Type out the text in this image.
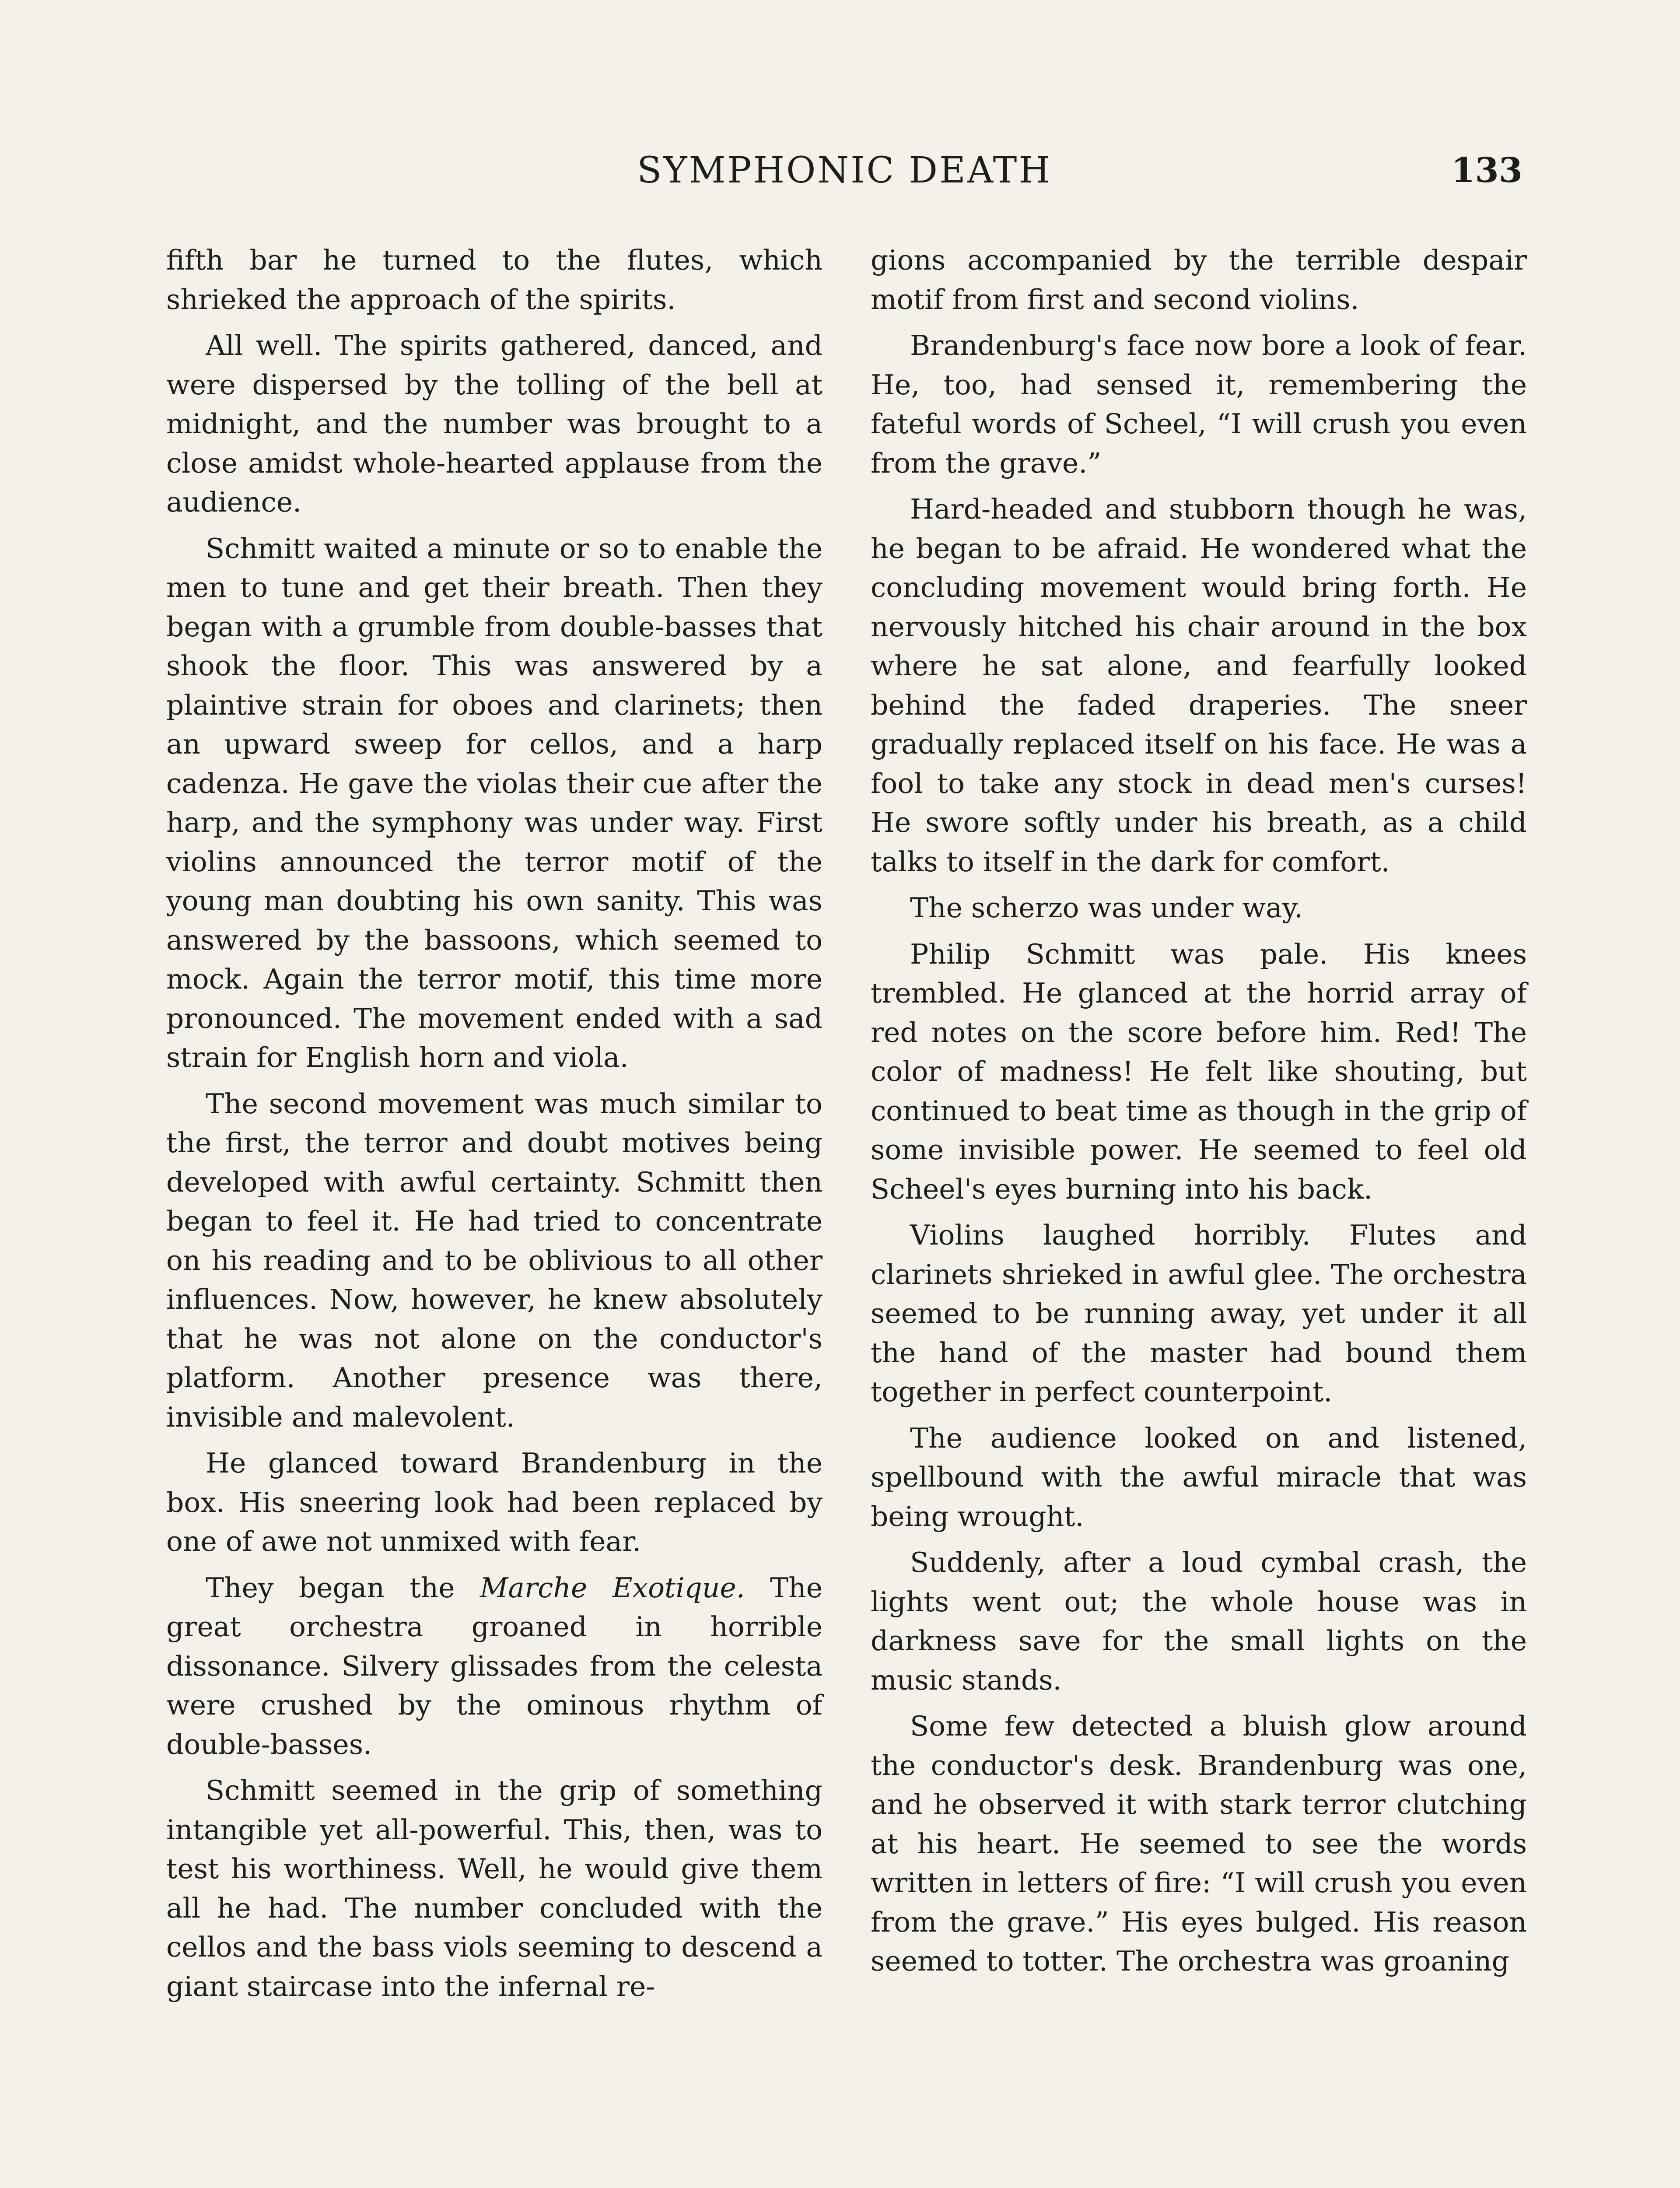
SYMPHONIC DEATH	133

fifth bar he turned to the flutes, which shrieked the approach of the spirits.

All well. The spirits gathered, danced, and were dispersed by the tolling of the bell at midnight, and the number was brought to a close amidst whole-hearted applause from the audience.

Schmitt waited a minute or so to enable the men to tune and get their breath. Then they began with a grumble from double-basses that shook the floor. This was answered by a plaintive strain for oboes and clarinets; then an upward sweep for cellos, and a harp cadenza. He gave the violas their cue after the harp, and the symphony was under way. First violins announced the terror motif of the young man doubting his own sanity. This was answered by the bassoons, which seemed to mock. Again the terror motif, this time more pronounced. The movement ended with a sad strain for English horn and viola.

The second movement was much similar to the first, the terror and doubt motives being developed with awful certainty. Schmitt then began to feel it. He had tried to concentrate on his reading and to be oblivious to all other influences. Now, however, he knew absolutely that he was not alone on the conductor's platform. Another presence was there, invisible and malevolent.

He glanced toward Brandenburg in the box. His sneering look had been replaced by one of awe not unmixed with fear.

They began the Marche Exotique. The great orchestra groaned in horrible dissonance. Silvery glissades from the celesta were crushed by the ominous rhythm of double-basses.

Schmitt seemed in the grip of something intangible yet all-powerful. This, then, was to test his worthiness. Well, he would give them all he had. The number concluded with the cellos and the bass viols seeming to descend a giant staircase into the infernal re-

gions accompanied by the terrible despair motif from first and second violins.

Brandenburg's face now bore a look of fear. He, too, had sensed it, remembering the fateful words of Scheel, “I will crush you even from the grave.”

Hard-headed and stubborn though he was, he began to be afraid. He wondered what the concluding movement would bring forth. He nervously hitched his chair around in the box where he sat alone, and fearfully looked behind the faded draperies. The sneer gradually replaced itself on his face. He was a fool to take any stock in dead men's curses! He swore softly under his breath, as a child talks to itself in the dark for comfort.

The scherzo was under way.

Philip Schmitt was pale. His knees trembled. He glanced at the horrid array of red notes on the score before him. Red! The color of madness! He felt like shouting, but continued to beat time as though in the grip of some invisible power. He seemed to feel old Scheel's eyes burning into his back.

Violins laughed horribly. Flutes and clarinets shrieked in awful glee. The orchestra seemed to be running away, yet under it all the hand of the master had bound them together in perfect counterpoint.

The audience looked on and listened, spellbound with the awful miracle that was being wrought.

Suddenly, after a loud cymbal crash, the lights went out; the whole house was in darkness save for the small lights on the music stands.

Some few detected a bluish glow around the conductor's desk. Brandenburg was one, and he observed it with stark terror clutching at his heart. He seemed to see the words written in letters of fire: “I will crush you even from the grave.” His eyes bulged. His reason seemed to totter. The orchestra was groaning
